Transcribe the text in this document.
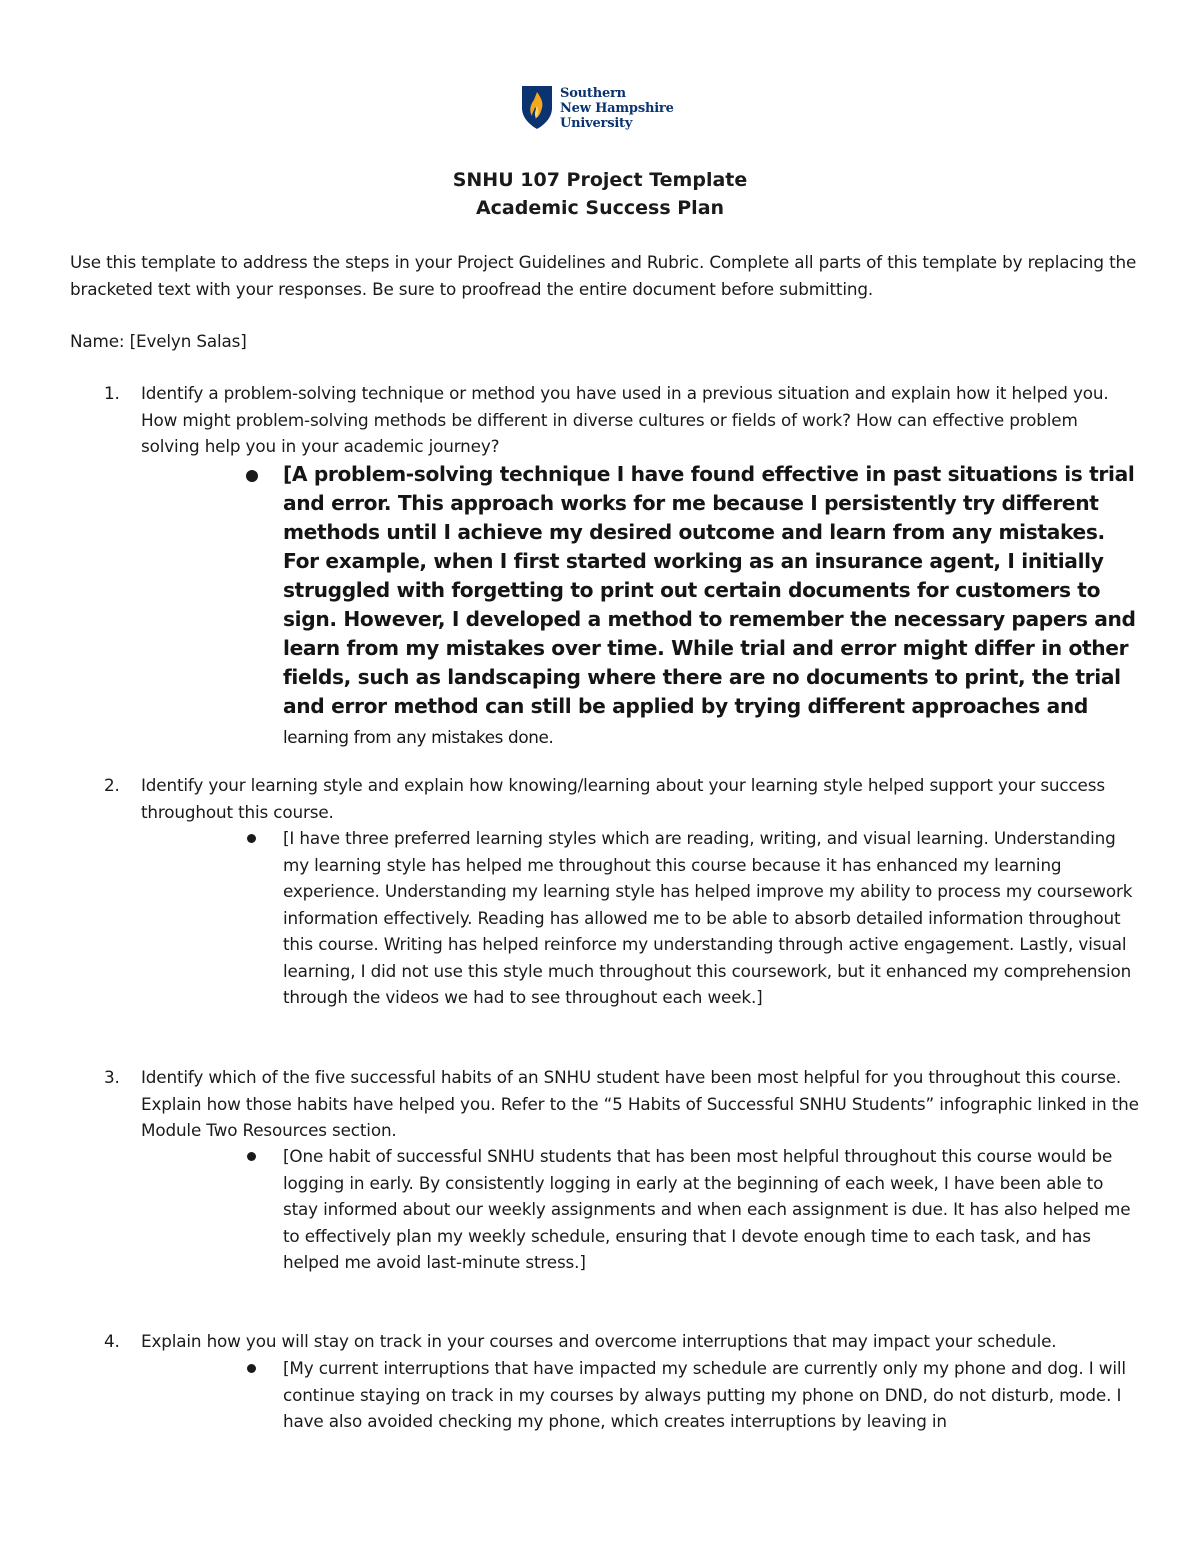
Southern
New Hampshire
University
SNHU 107 Project Template
Academic Success Plan
Use this template to address the steps in your Project Guidelines and Rubric. Complete all parts of this template by replacing the bracketed text with your responses. Be sure to proofread the entire document before submitting.
Name: [Evelyn Salas]
1. Identify a problem-solving technique or method you have used in a previous situation and explain how it helped you. How might problem-solving methods be different in diverse cultures or fields of work? How can effective problem solving help you in your academic journey?
[A problem-solving technique I have found effective in past situations is trial and error. This approach works for me because I persistently try different methods until I achieve my desired outcome and learn from any mistakes. For example, when I first started working as an insurance agent, I initially struggled with forgetting to print out certain documents for customers to sign. However, I developed a method to remember the necessary papers and learn from my mistakes over time. While trial and error might differ in other fields, such as landscaping where there are no documents to print, the trial and error method can still be applied by trying different approaches and learning from any mistakes done.
2. Identify your learning style and explain how knowing/learning about your learning style helped support your success throughout this course.
[I have three preferred learning styles which are reading, writing, and visual learning. Understanding my learning style has helped me throughout this course because it has enhanced my learning experience. Understanding my learning style has helped improve my ability to process my coursework information effectively. Reading has allowed me to be able to absorb detailed information throughout this course. Writing has helped reinforce my understanding through active engagement. Lastly, visual learning, I did not use this style much throughout this coursework, but it enhanced my comprehension through the videos we had to see throughout each week.]
3. Identify which of the five successful habits of an SNHU student have been most helpful for you throughout this course. Explain how those habits have helped you. Refer to the “5 Habits of Successful SNHU Students” infographic linked in the Module Two Resources section.
[One habit of successful SNHU students that has been most helpful throughout this course would be logging in early. By consistently logging in early at the beginning of each week, I have been able to stay informed about our weekly assignments and when each assignment is due. It has also helped me to effectively plan my weekly schedule, ensuring that I devote enough time to each task, and has helped me avoid last-minute stress.]
4. Explain how you will stay on track in your courses and overcome interruptions that may impact your schedule.
[My current interruptions that have impacted my schedule are currently only my phone and dog. I will continue staying on track in my courses by always putting my phone on DND, do not disturb, mode. I have also avoided checking my phone, which creates interruptions by leaving in
